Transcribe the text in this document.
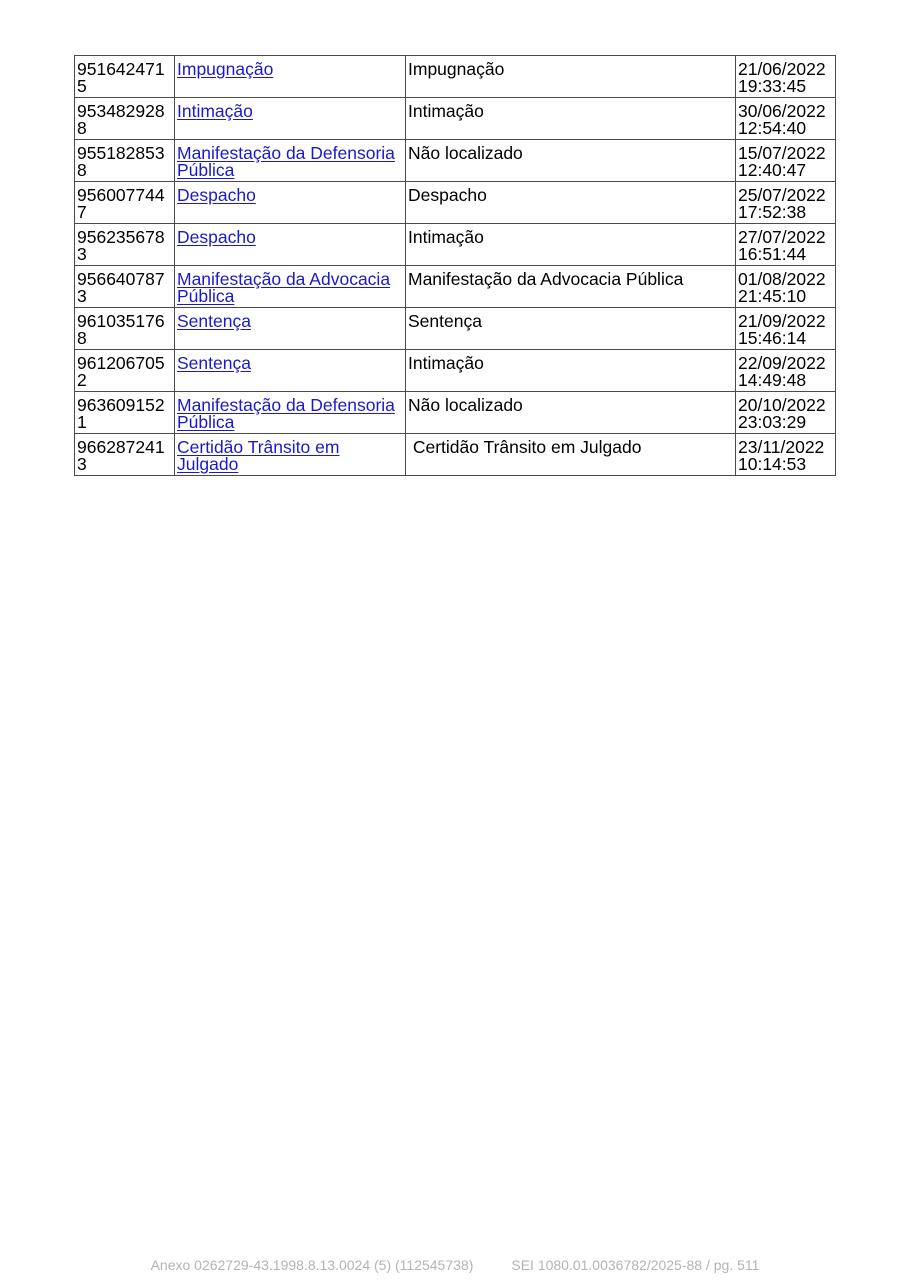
9516424715	Impugnação	Impugnação	21/06/2022
19:33:45

9534829288	Intimação	Intimação	30/06/2022
12:54:40

9551828538	Manifestação da Defensoria Pública	Não localizado	15/07/2022
12:40:47

9560077447	Despacho	Despacho	25/07/2022
17:52:38

9562356783	Despacho	Intimação	27/07/2022
16:51:44

9566407873	Manifestação da Advocacia Pública	Manifestação da Advocacia Pública	01/08/2022
21:45:10

9610351768	Sentença	Sentença	21/09/2022
15:46:14

9612067052	Sentença	Intimação	22/09/2022
14:49:48

9636091521	Manifestação da Defensoria Pública	Não localizado	20/10/2022
23:03:29

9662872413	Certidão Trânsito em Julgado	Certidão Trânsito em Julgado	23/11/2022
10:14:53
Anexo 0262729-43.1998.8.13.0024 (5) (112545738)	SEI 1080.01.0036782/2025-88 / pg. 511
